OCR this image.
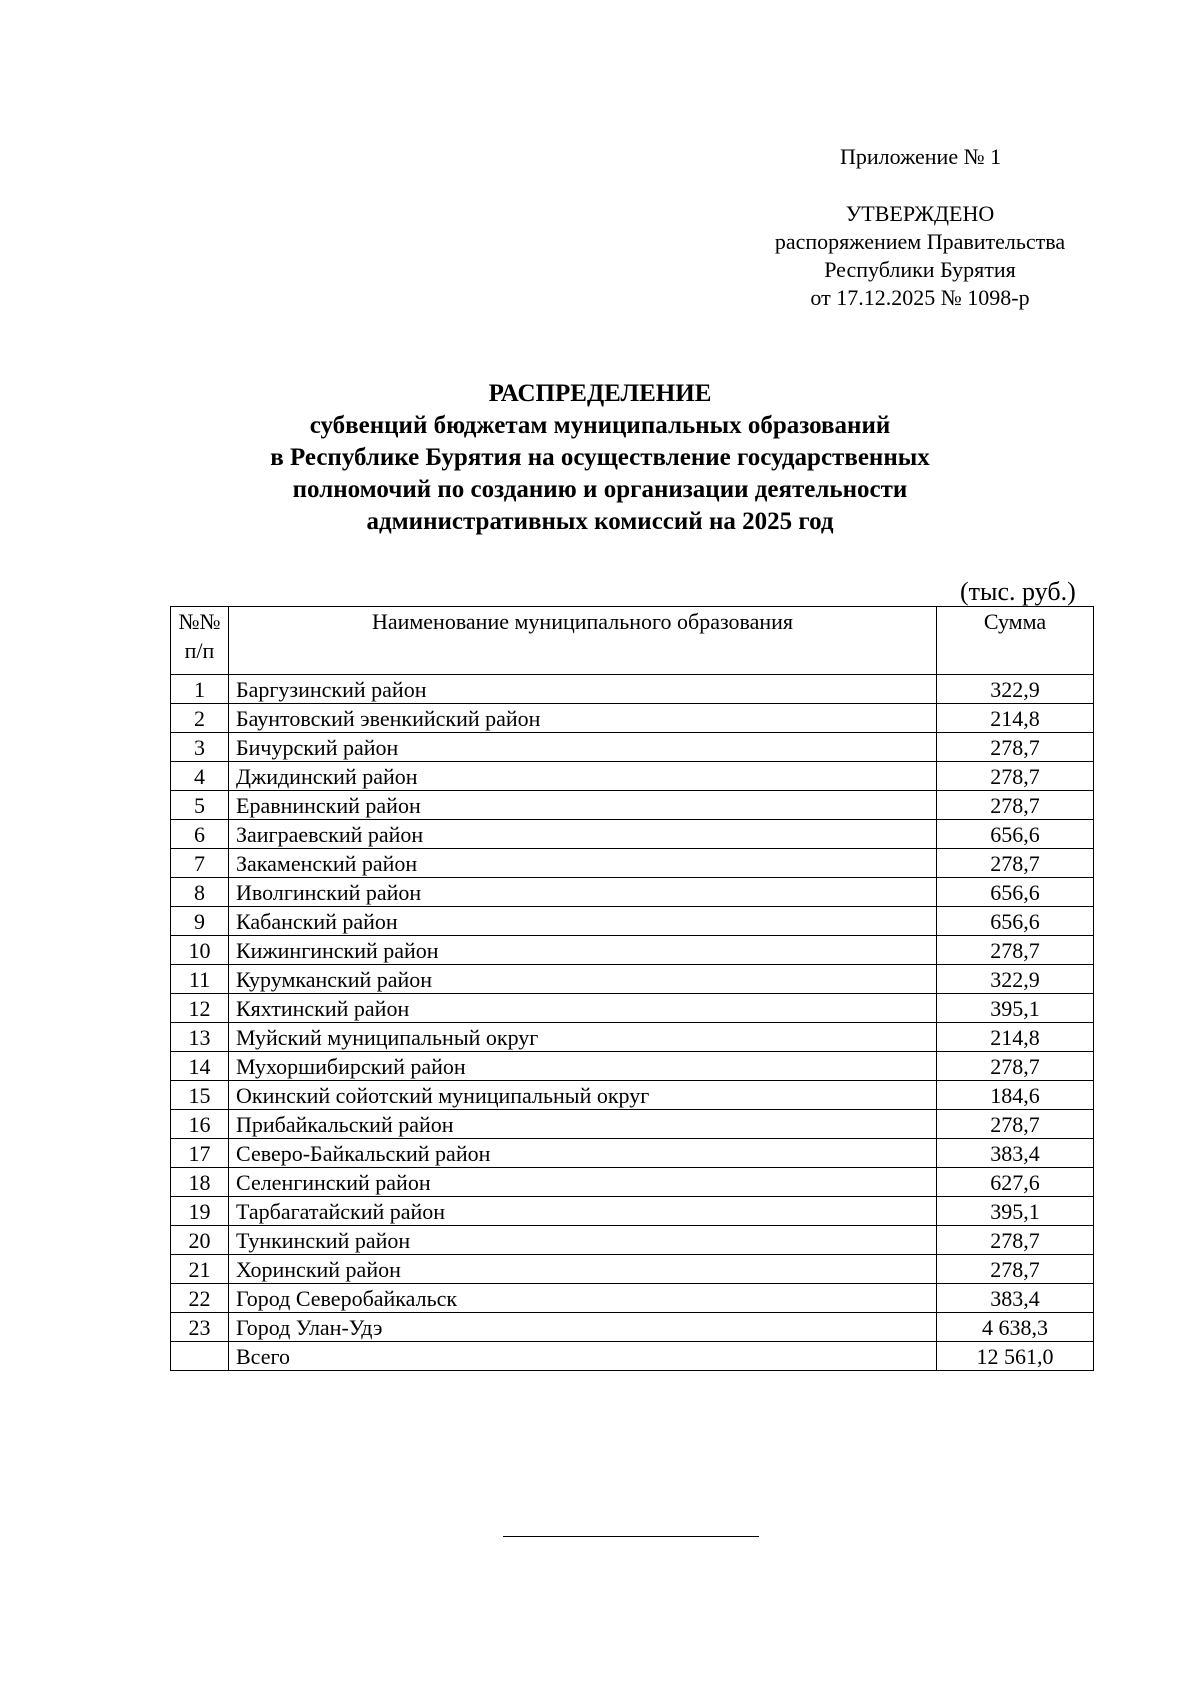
Приложение № 1
УТВЕРЖДЕНО
распоряжением Правительства
Республики Бурятия
от 17.12.2025 № 1098-р
РАСПРЕДЕЛЕНИЕ
субвенций бюджетам муниципальных образований
в Республике Бурятия на осуществление государственных
полномочий по созданию и организации деятельности
административных комиссий на 2025 год
(тыс. руб.)
№№
п/п	Наименование муниципального образования	Сумма
1	Баргузинский район	322,9
2	Баунтовский эвенкийский район	214,8
3	Бичурский район	278,7
4	Джидинский район	278,7
5	Еравнинский район	278,7
6	Заиграевский район	656,6
7	Закаменский район	278,7
8	Иволгинский район	656,6
9	Кабанский район	656,6
10	Кижингинский район	278,7
11	Курумканский район	322,9
12	Кяхтинский район	395,1
13	Муйский муниципальный округ	214,8
14	Мухоршибирский район	278,7
15	Окинский сойотский муниципальный округ	184,6
16	Прибайкальский район	278,7
17	Северо-Байкальский район	383,4
18	Селенгинский район	627,6
19	Тарбагатайский район	395,1
20	Тункинский район	278,7
21	Хоринский район	278,7
22	Город Северобайкальск	383,4
23	Город Улан-Удэ	4 638,3
	Всего	12 561,0
